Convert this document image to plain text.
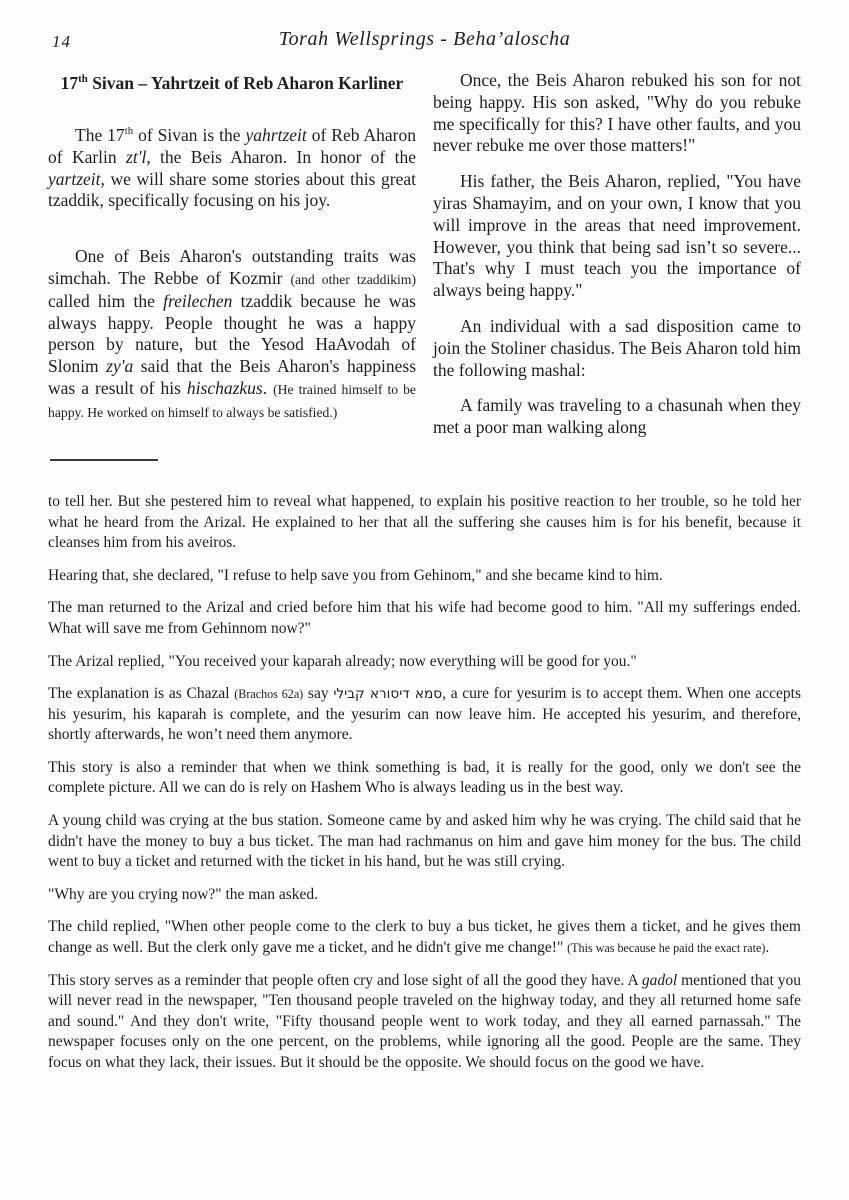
14	Torah Wellsprings - Beha’aloscha
17th Sivan – Yahrtzeit of Reb Aharon Karliner

The 17th of Sivan is the yahrtzeit of Reb Aharon of Karlin zt'l, the Beis Aharon. In honor of the yartzeit, we will share some stories about this great tzaddik, specifically focusing on his joy.

One of Beis Aharon's outstanding traits was simchah. The Rebbe of Kozmir (and other tzaddikim) called him the freilechen tzaddik because he was always happy. People thought he was a happy person by nature, but the Yesod HaAvodah of Slonim zy'a said that the Beis Aharon's happiness was a result of his hischazkus. (He trained himself to be happy. He worked on himself to always be satisfied.)

Once, the Beis Aharon rebuked his son for not being happy. His son asked, "Why do you rebuke me specifically for this? I have other faults, and you never rebuke me over those matters!"

His father, the Beis Aharon, replied, "You have yiras Shamayim, and on your own, I know that you will improve in the areas that need improvement. However, you think that being sad isn’t so severe... That's why I must teach you the importance of always being happy."

An individual with a sad disposition came to join the Stoliner chasidus. The Beis Aharon told him the following mashal:

A family was traveling to a chasunah when they met a poor man walking along

to tell her. But she pestered him to reveal what happened, to explain his positive reaction to her trouble, so he told her what he heard from the Arizal. He explained to her that all the suffering she causes him is for his benefit, because it cleanses him from his aveiros.

Hearing that, she declared, "I refuse to help save you from Gehinom," and she became kind to him.

The man returned to the Arizal and cried before him that his wife had become good to him. "All my sufferings ended. What will save me from Gehinnom now?"

The Arizal replied, "You received your kaparah already; now everything will be good for you."

The explanation is as Chazal (Brachos 62a) say סמא דיסורא קבילי, a cure for yesurim is to accept them. When one accepts his yesurim, his kaparah is complete, and the yesurim can now leave him. He accepted his yesurim, and therefore, shortly afterwards, he won’t need them anymore.

This story is also a reminder that when we think something is bad, it is really for the good, only we don't see the complete picture. All we can do is rely on Hashem Who is always leading us in the best way.

A young child was crying at the bus station. Someone came by and asked him why he was crying. The child said that he didn't have the money to buy a bus ticket. The man had rachmanus on him and gave him money for the bus. The child went to buy a ticket and returned with the ticket in his hand, but he was still crying.

"Why are you crying now?" the man asked.

The child replied, "When other people come to the clerk to buy a bus ticket, he gives them a ticket, and he gives them change as well. But the clerk only gave me a ticket, and he didn't give me change!" (This was because he paid the exact rate).

This story serves as a reminder that people often cry and lose sight of all the good they have. A gadol mentioned that you will never read in the newspaper, "Ten thousand people traveled on the highway today, and they all returned home safe and sound." And they don't write, "Fifty thousand people went to work today, and they all earned parnassah." The newspaper focuses only on the one percent, on the problems, while ignoring all the good. People are the same. They focus on what they lack, their issues. But it should be the opposite. We should focus on the good we have.
